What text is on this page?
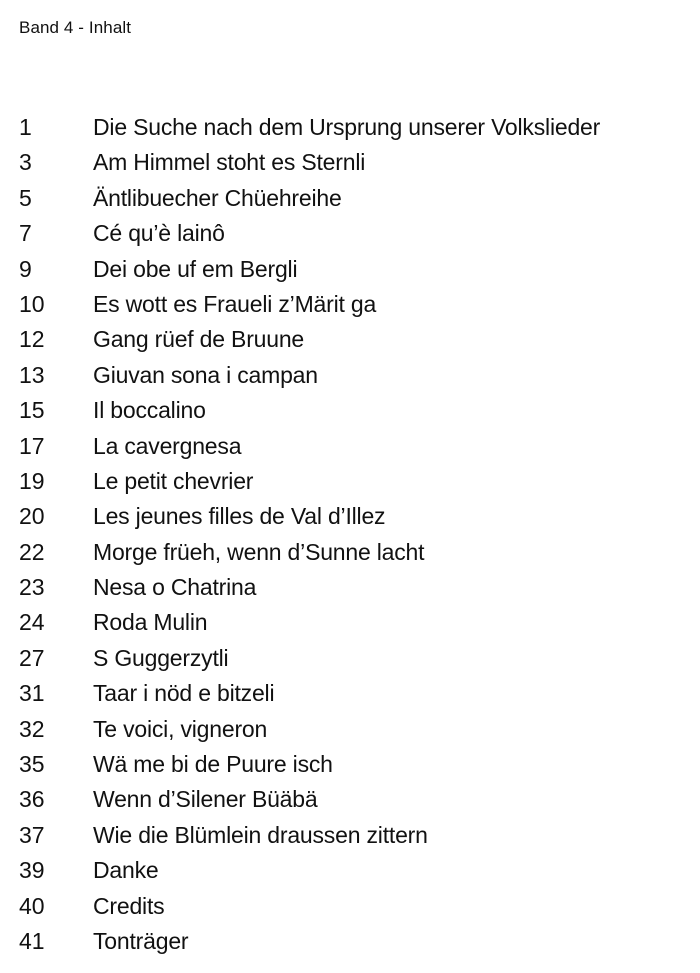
Band 4 - Inhalt
1	Die Suche nach dem Ursprung unserer Volkslieder
3	Am Himmel stoht es Sternli
5	Äntlibuecher Chüehreihe
7	Cé qu’è lainô
9	Dei obe uf em Bergli
10	Es wott es Fraueli z’Märit ga
12	Gang rüef de Bruune
13	Giuvan sona i campan
15	Il boccalino
17	La cavergnesa
19	Le petit chevrier
20	Les jeunes filles de Val d’Illez
22	Morge früeh, wenn d’Sunne lacht
23	Nesa o Chatrina
24	Roda Mulin
27	S Guggerzytli
31	Taar i nöd e bitzeli
32	Te voici, vigneron
35	Wä me bi de Puure isch
36	Wenn d’Silener Büäbä
37	Wie die Blümlein draussen zittern
39	Danke
40	Credits
41	Tonträger
